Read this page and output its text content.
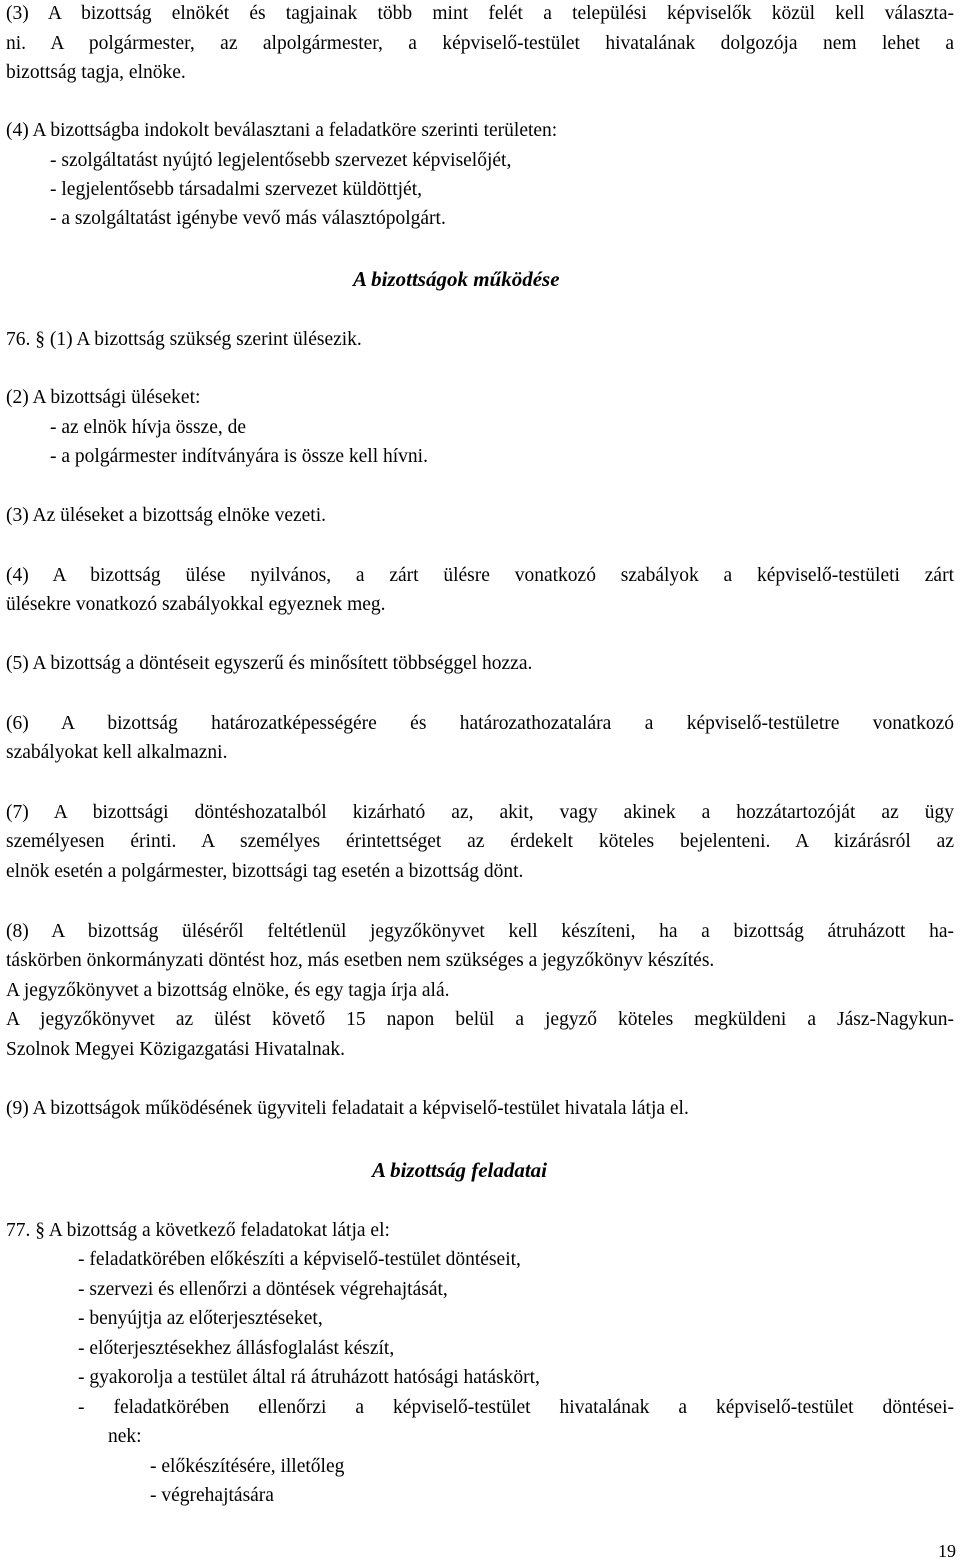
(3) A bizottság elnökét és tagjainak több mint felét a települési képviselők közül kell választa-
ni. A polgármester, az alpolgármester, a képviselő-testület hivatalának dolgozója nem lehet a
bizottság tagja, elnöke.
(4) A bizottságba indokolt beválasztani a feladatköre szerinti területen:
- szolgáltatást nyújtó legjelentősebb szervezet képviselőjét,
- legjelentősebb társadalmi szervezet küldöttjét,
- a szolgáltatást igénybe vevő más választópolgárt.
A bizottságok működése
76. § (1) A bizottság szükség szerint ülésezik.
(2) A bizottsági üléseket:
- az elnök hívja össze, de
- a polgármester indítványára is össze kell hívni.
(3) Az üléseket a bizottság elnöke vezeti.
(4) A bizottság ülése nyilvános, a zárt ülésre vonatkozó szabályok a képviselő-testületi zárt
ülésekre vonatkozó szabályokkal egyeznek meg.
(5) A bizottság a döntéseit egyszerű és minősített többséggel hozza.
(6) A bizottság határozatképességére és határozathozatalára a képviselő-testületre vonatkozó
szabályokat kell alkalmazni.
(7) A bizottsági döntéshozatalból kizárható az, akit, vagy akinek a hozzátartozóját az ügy
személyesen érinti. A személyes érintettséget az érdekelt köteles bejelenteni. A kizárásról az
elnök esetén a polgármester, bizottsági tag esetén a bizottság dönt.
(8) A bizottság üléséről feltétlenül jegyzőkönyvet kell készíteni, ha a bizottság átruházott ha-
táskörben önkormányzati döntést hoz, más esetben nem szükséges a jegyzőkönyv készítés.
A jegyzőkönyvet a bizottság elnöke, és egy tagja írja alá.
A jegyzőkönyvet az ülést követő 15 napon belül a jegyző köteles megküldeni a Jász-Nagykun-
Szolnok Megyei Közigazgatási Hivatalnak.
(9) A bizottságok működésének ügyviteli feladatait a képviselő-testület hivatala látja el.
A bizottság feladatai
77. § A bizottság a következő feladatokat látja el:
- feladatkörében előkészíti a képviselő-testület döntéseit,
- szervezi és ellenőrzi a döntések végrehajtását,
- benyújtja az előterjesztéseket,
- előterjesztésekhez állásfoglalást készít,
- gyakorolja a testület által rá átruházott hatósági hatáskört,
- feladatkörében ellenőrzi a képviselő-testület hivatalának a képviselő-testület döntései-
nek:
- előkészítésére, illetőleg
- végrehajtására
19
